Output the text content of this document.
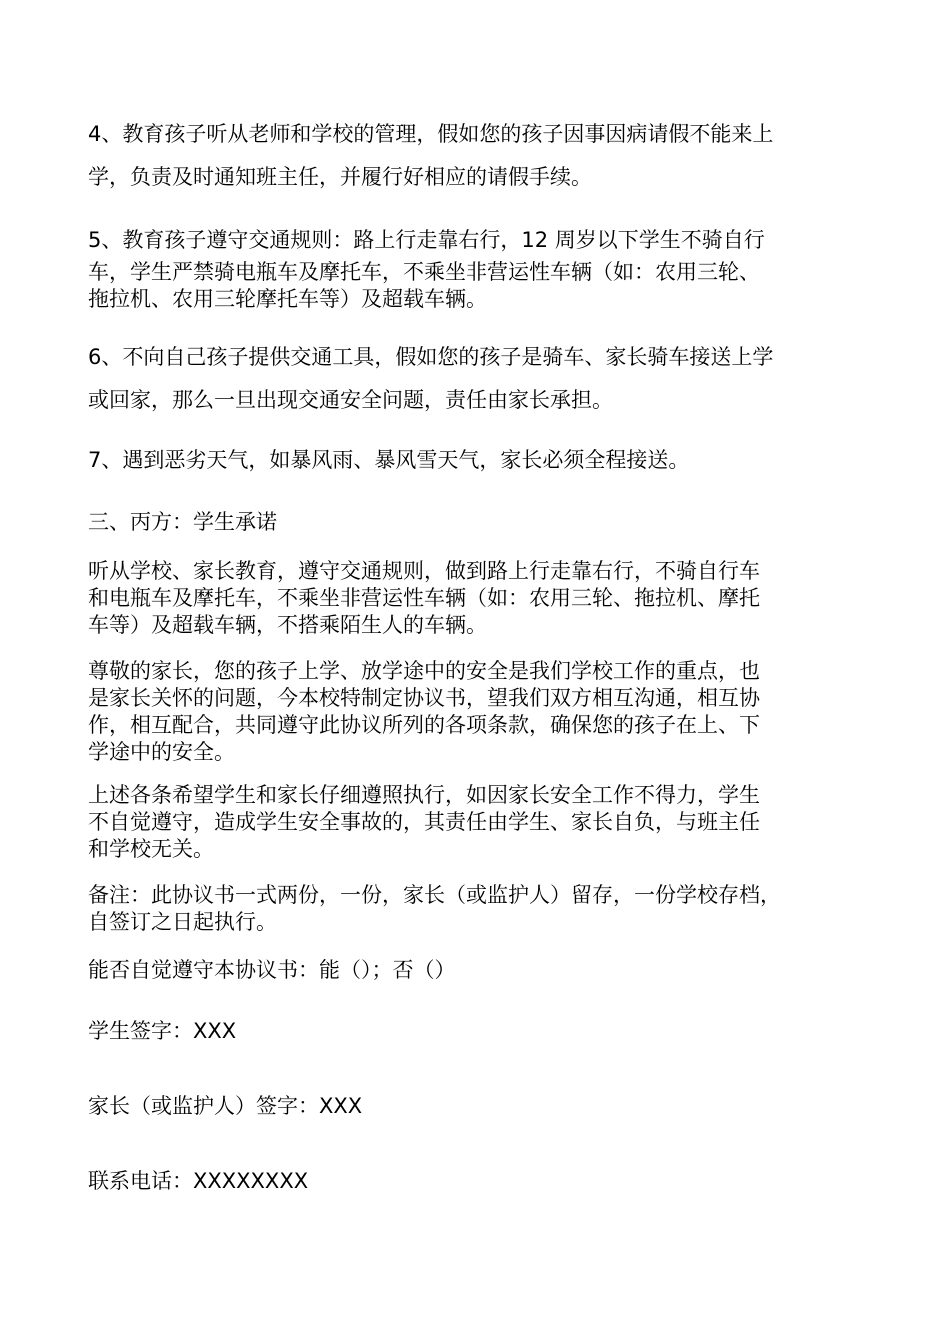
4、教育孩子听从老师和学校的管理，假如您的孩子因事因病请假不能来上
学，负责及时通知班主任，并履行好相应的请假手续。
5、教育孩子遵守交通规则：路上行走靠右行，12 周岁以下学生不骑自行
车，学生严禁骑电瓶车及摩托车，不乘坐非营运性车辆（如：农用三轮、
拖拉机、农用三轮摩托车等）及超载车辆。
6、不向自己孩子提供交通工具，假如您的孩子是骑车、家长骑车接送上学
或回家，那么一旦出现交通安全问题，责任由家长承担。
7、遇到恶劣天气，如暴风雨、暴风雪天气，家长必须全程接送。
三、丙方：学生承诺
听从学校、家长教育，遵守交通规则，做到路上行走靠右行，不骑自行车
和电瓶车及摩托车，不乘坐非营运性车辆（如：农用三轮、拖拉机、摩托
车等）及超载车辆，不搭乘陌生人的车辆。
尊敬的家长，您的孩子上学、放学途中的安全是我们学校工作的重点，也
是家长关怀的问题，今本校特制定协议书，望我们双方相互沟通，相互协
作，相互配合，共同遵守此协议所列的各项条款，确保您的孩子在上、下
学途中的安全。
上述各条希望学生和家长仔细遵照执行，如因家长安全工作不得力，学生
不自觉遵守，造成学生安全事故的，其责任由学生、家长自负，与班主任
和学校无关。
备注：此协议书一式两份，一份，家长（或监护人）留存，一份学校存档，
自签订之日起执行。
能否自觉遵守本协议书：能（）；否（）
学生签字：XXX
家长（或监护人）签字：XXX
联系电话：XXXXXXXX
